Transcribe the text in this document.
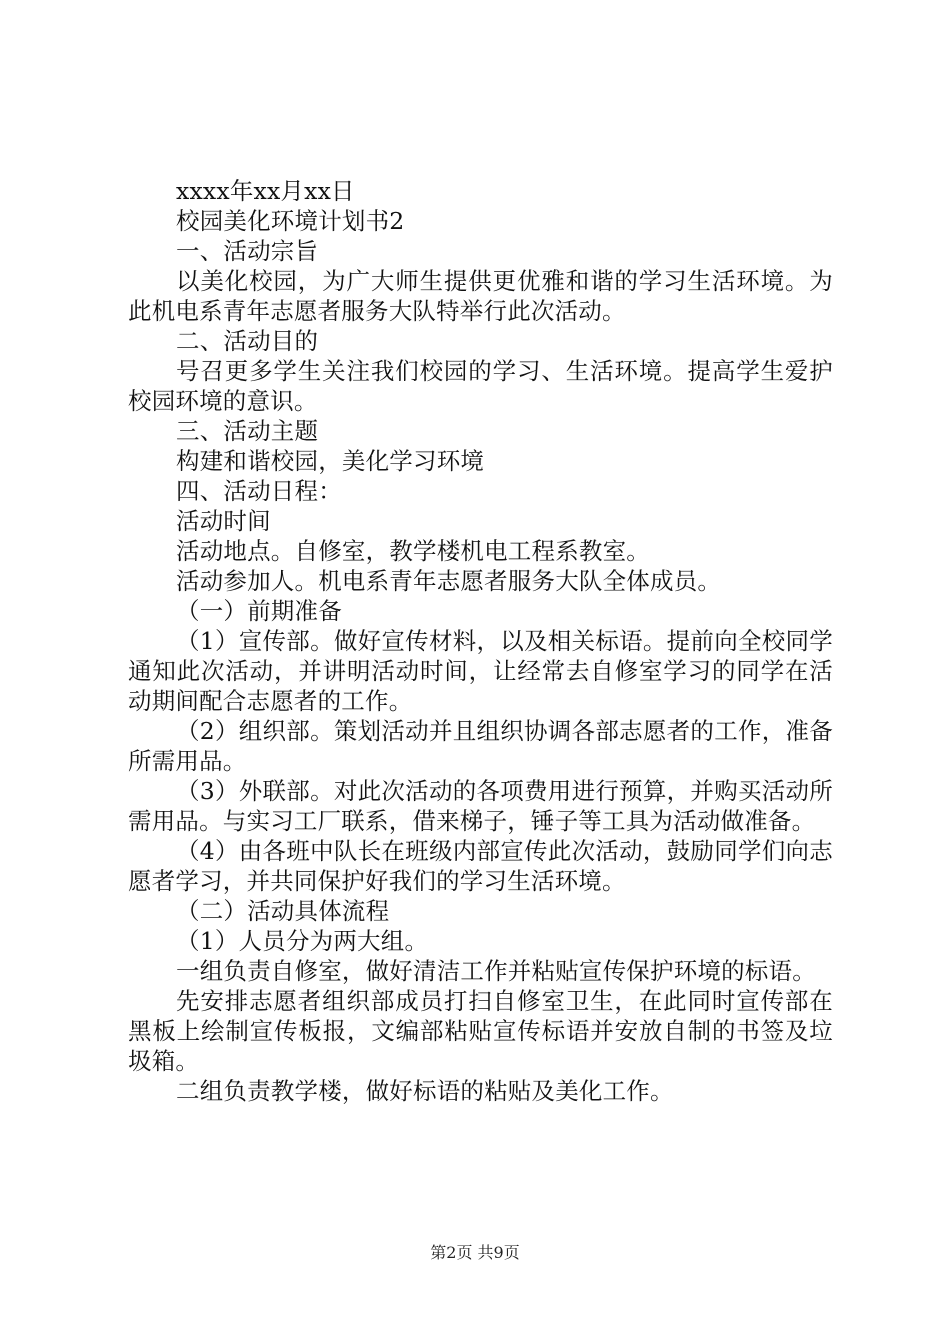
xxxx年xx月xx日

校园美化环境计划书2

一、活动宗旨

以美化校园，为广大师生提供更优雅和谐的学习生活环境。为此机电系青年志愿者服务大队特举行此次活动。

二、活动目的

号召更多学生关注我们校园的学习、生活环境。提高学生爱护校园环境的意识。

三、活动主题

构建和谐校园，美化学习环境

四、活动日程：

活动时间

活动地点。自修室，教学楼机电工程系教室。

活动参加人。机电系青年志愿者服务大队全体成员。

（一）前期准备

（1）宣传部。做好宣传材料，以及相关标语。提前向全校同学通知此次活动，并讲明活动时间，让经常去自修室学习的同学在活动期间配合志愿者的工作。

（2）组织部。策划活动并且组织协调各部志愿者的工作，准备所需用品。

（3）外联部。对此次活动的各项费用进行预算，并购买活动所需用品。与实习工厂联系，借来梯子，锤子等工具为活动做准备。

（4）由各班中队长在班级内部宣传此次活动，鼓励同学们向志愿者学习，并共同保护好我们的学习生活环境。

（二）活动具体流程

（1）人员分为两大组。

一组负责自修室，做好清洁工作并粘贴宣传保护环境的标语。

先安排志愿者组织部成员打扫自修室卫生，在此同时宣传部在黑板上绘制宣传板报，文编部粘贴宣传标语并安放自制的书签及垃圾箱。

二组负责教学楼，做好标语的粘贴及美化工作。

第2页 共9页
